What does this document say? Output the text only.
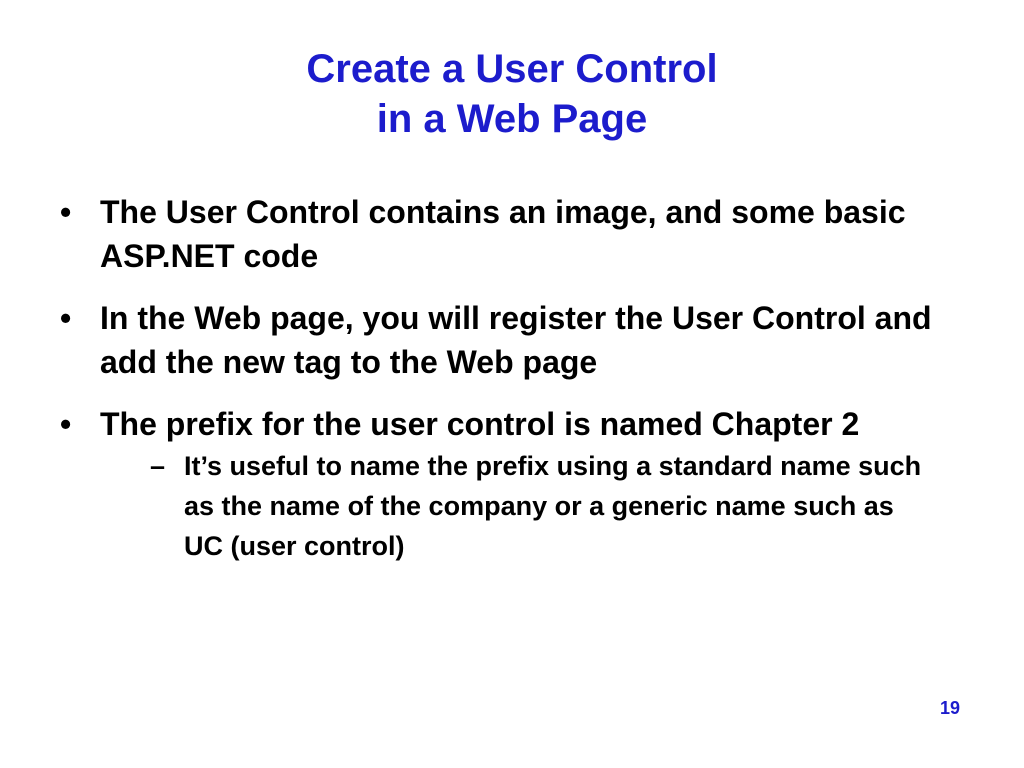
Create a User Control
in a Web Page
• The User Control contains an image, and some basic ASP.NET code
• In the Web page, you will register the User Control and add the new tag to the Web page
• The prefix for the user control is named Chapter 2
– It’s useful to name the prefix using a standard name such as the name of the company or a generic name such as UC (user control)
19
